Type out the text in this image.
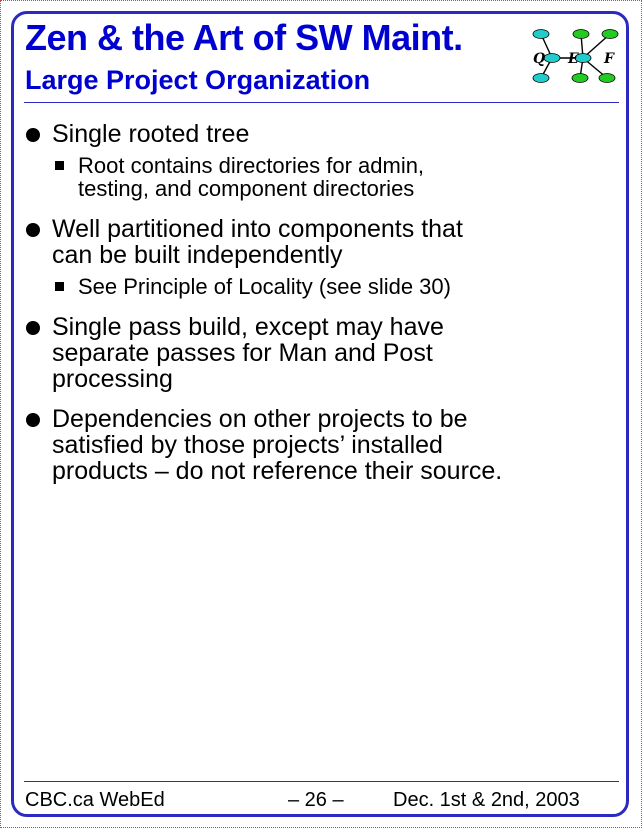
Zen & the Art of SW Maint.
Large Project Organization
Q E F
Single rooted tree
Root contains directories for admin,
testing, and component directories
Well partitioned into components that
can be built independently
See Principle of Locality (see slide 30)
Single pass build, except may have
separate passes for Man and Post
processing
Dependencies on other projects to be
satisfied by those projects’ installed
products – do not reference their source.
CBC.ca WebEd	– 26 – Dec. 1st & 2nd, 2003
